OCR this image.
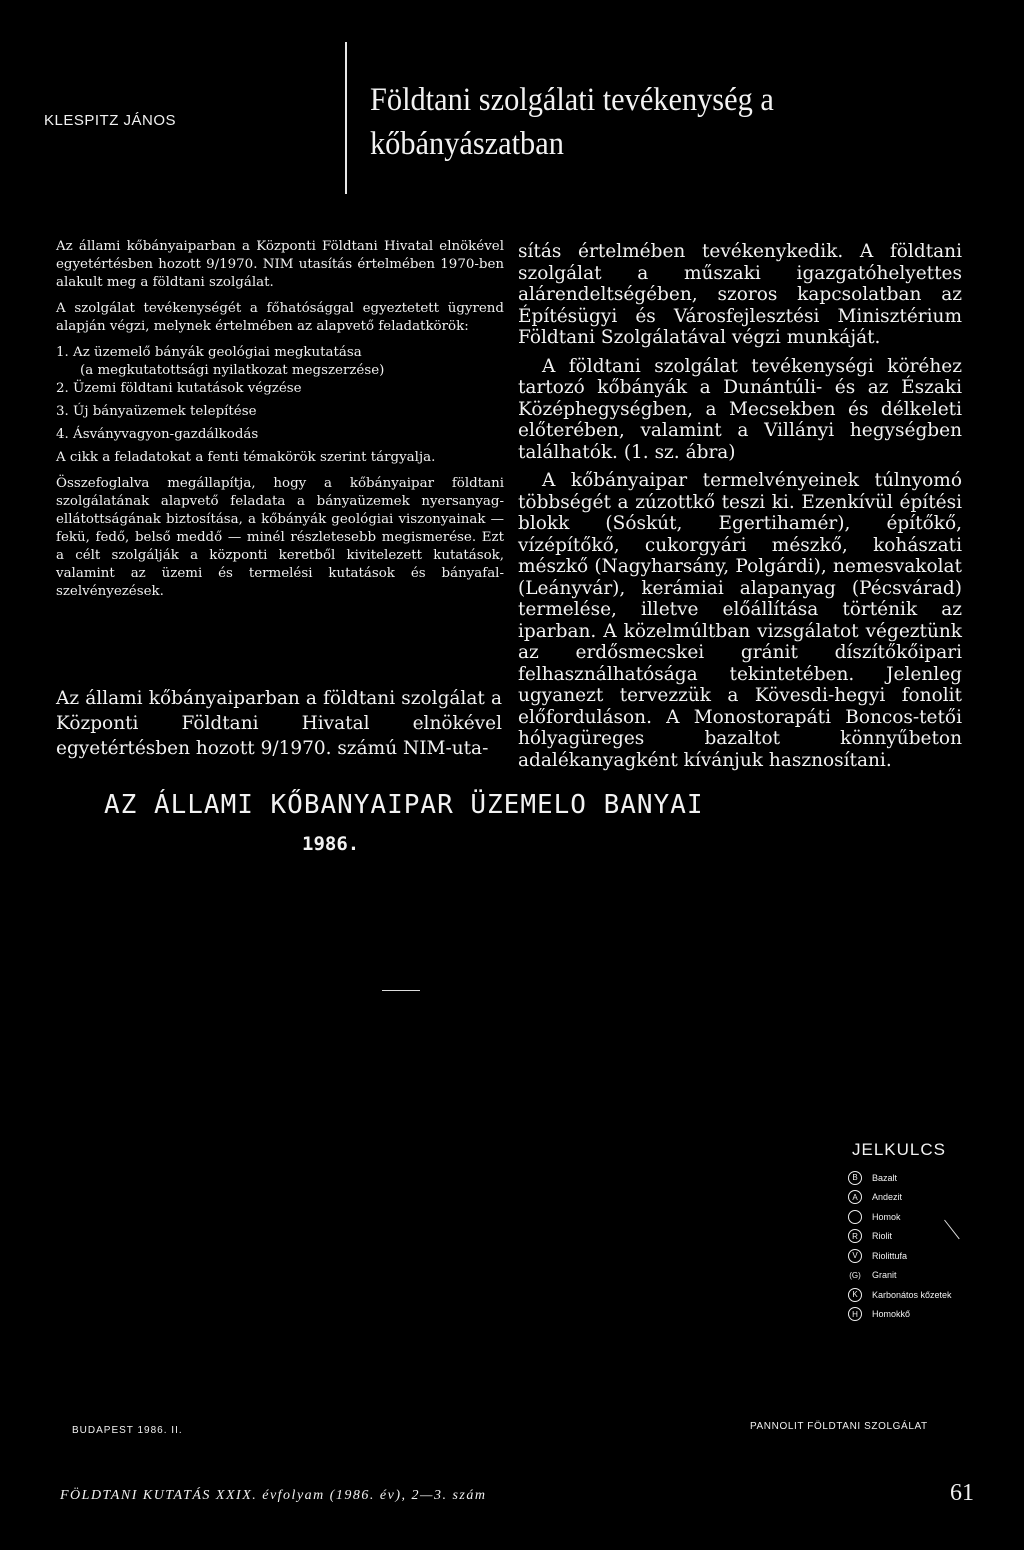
KLESPITZ JÁNOS
Földtani szolgálati tevékenység a
kőbányászatban

Az állami kőbányaiparban a Központi Földtani Hivatal elnökével egyetértésben hozott 9/1970. NIM utasítás értelmében 1970-ben alakult meg a földtani szolgálat.

A szolgálat tevékenységét a főhatósággal egyeztetett ügyrend alapján végzi, melynek értelmében az alapvető feladatkörök:

1. Az üzemelő bányák geológiai megkutatása

(a megkutatottsági nyilatkozat megszerzése)

2. Üzemi földtani kutatások végzése

3. Új bányaüzemek telepítése

4. Ásványvagyon-gazdálkodás

A cikk a feladatokat a fenti témakörök szerint tárgyalja.

Összefoglalva megállapítja, hogy a kőbányaipar földtani szolgálatának alapvető feladata a bányaüzemek nyersanyag-ellátottságának biztosítása, a kőbányák geológiai viszonyainak — fekü, fedő, belső meddő — minél részletesebb megismerése. Ezt a célt szolgálják a központi keretből kivitelezett kutatások, valamint az üzemi és termelési kutatások és bányafal-szelvényezések.

Az állami kőbányaiparban a földtani szolgálat a Központi Földtani Hivatal elnökével egyetértésben hozott 9/1970. számú NIM-uta-

sítás értelmében tevékenykedik. A földtani szolgálat a műszaki igazgatóhelyettes alárendeltségében, szoros kapcsolatban az Építésügyi és Városfejlesztési Minisztérium Földtani Szolgálatával végzi munkáját.

A földtani szolgálat tevékenységi köréhez tartozó kőbányák a Dunántúli- és az Északi Középhegységben, a Mecsekben és délkeleti előterében, valamint a Villányi hegységben találhatók. (1. sz. ábra)

A kőbányaipar termelvényeinek túlnyomó többségét a zúzottkő teszi ki. Ezenkívül építési blokk (Sóskút, Egertihamér), építőkő, vízépítőkő, cukorgyári mészkő, kohászati mészkő (Nagyharsány, Polgárdi), nemesvakolat (Leányvár), kerámiai alapanyag (Pécsvárad) termelése, illetve előállítása történik az iparban. A közelmúltban vizsgálatot végeztünk az erdősmecskei gránit díszítőkőipari felhasználhatósága tekintetében. Jelenleg ugyanezt tervezzük a Kövesdi-hegyi fonolit előforduláson. A Monostorapáti Boncos-tetői hólyagüreges bazaltot könnyűbeton adalékanyagként kívánjuk hasznosítani.

AZ ÁLLAMI KŐBANYAIPAR ÜZEMELO BANYAI
1986.
JELKULCS
B	Bazalt
A	Andezit
Homok
R	Riolit
V	Riolittufa
(G) Granit
K	Karbonátos kőzetek
H	Homokkő
BUDAPEST 1986. II.	PANNOLIT FÖLDTANI SZOLGÁLAT
FÖLDTANI KUTATÁS XXIX. évfolyam (1986. év), 2—3. szám	61
